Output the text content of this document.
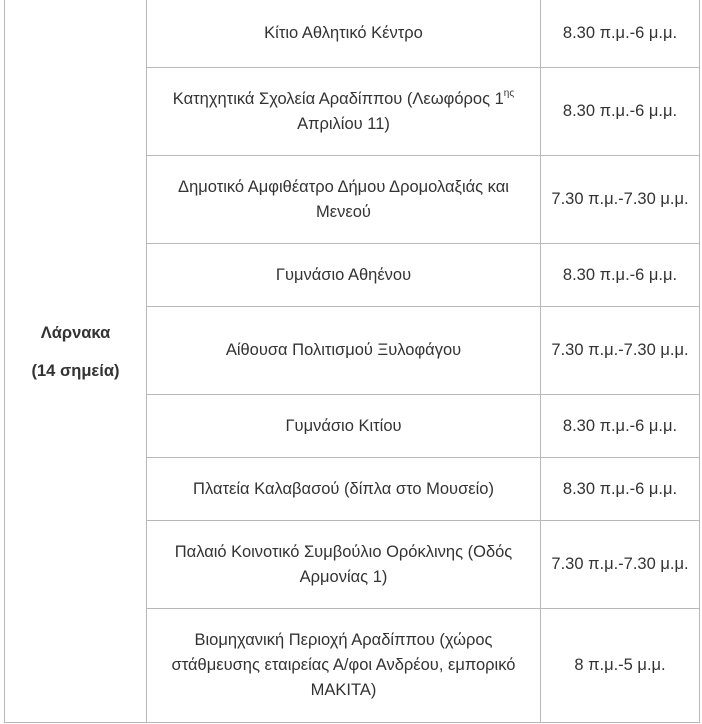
Λάρνακα
(14 σημεία)	Κίτιο Αθλητικό Κέντρο	8.30 π.μ.-6 μ.μ.
	Κατηχητικά Σχολεία Αραδίππου (Λεωφόρος $1^{\eta\varsigma}$ Απριλίου 11)	8.30 π.μ.-6 μ.μ.
	Δημοτικό Αμφιθέατρο Δήμου Δρομολαξιάς και Μενεού	7.30 π.μ.-7.30 μ.μ.
	Γυμνάσιο Αθηένου	8.30 π.μ.-6 μ.μ.
	Αίθουσα Πολιτισμού Ξυλοφάγου	7.30 π.μ.-7.30 μ.μ.
	Γυμνάσιο Κιτίου	8.30 π.μ.-6 μ.μ.
	Πλατεία Καλαβασού (δίπλα στο Μουσείο)	8.30 π.μ.-6 μ.μ.
	Παλαιό Κοινοτικό Συμβούλιο Ορόκλινης (Οδός Αρμονίας 1)	7.30 π.μ.-7.30 μ.μ.
	Βιομηχανική Περιοχή Αραδίππου (χώρος στάθμευσης εταιρείας Α/φοι Ανδρέου, εμπορικό ΜΑΚΙΤΑ)	8 π.μ.-5 μ.μ.
